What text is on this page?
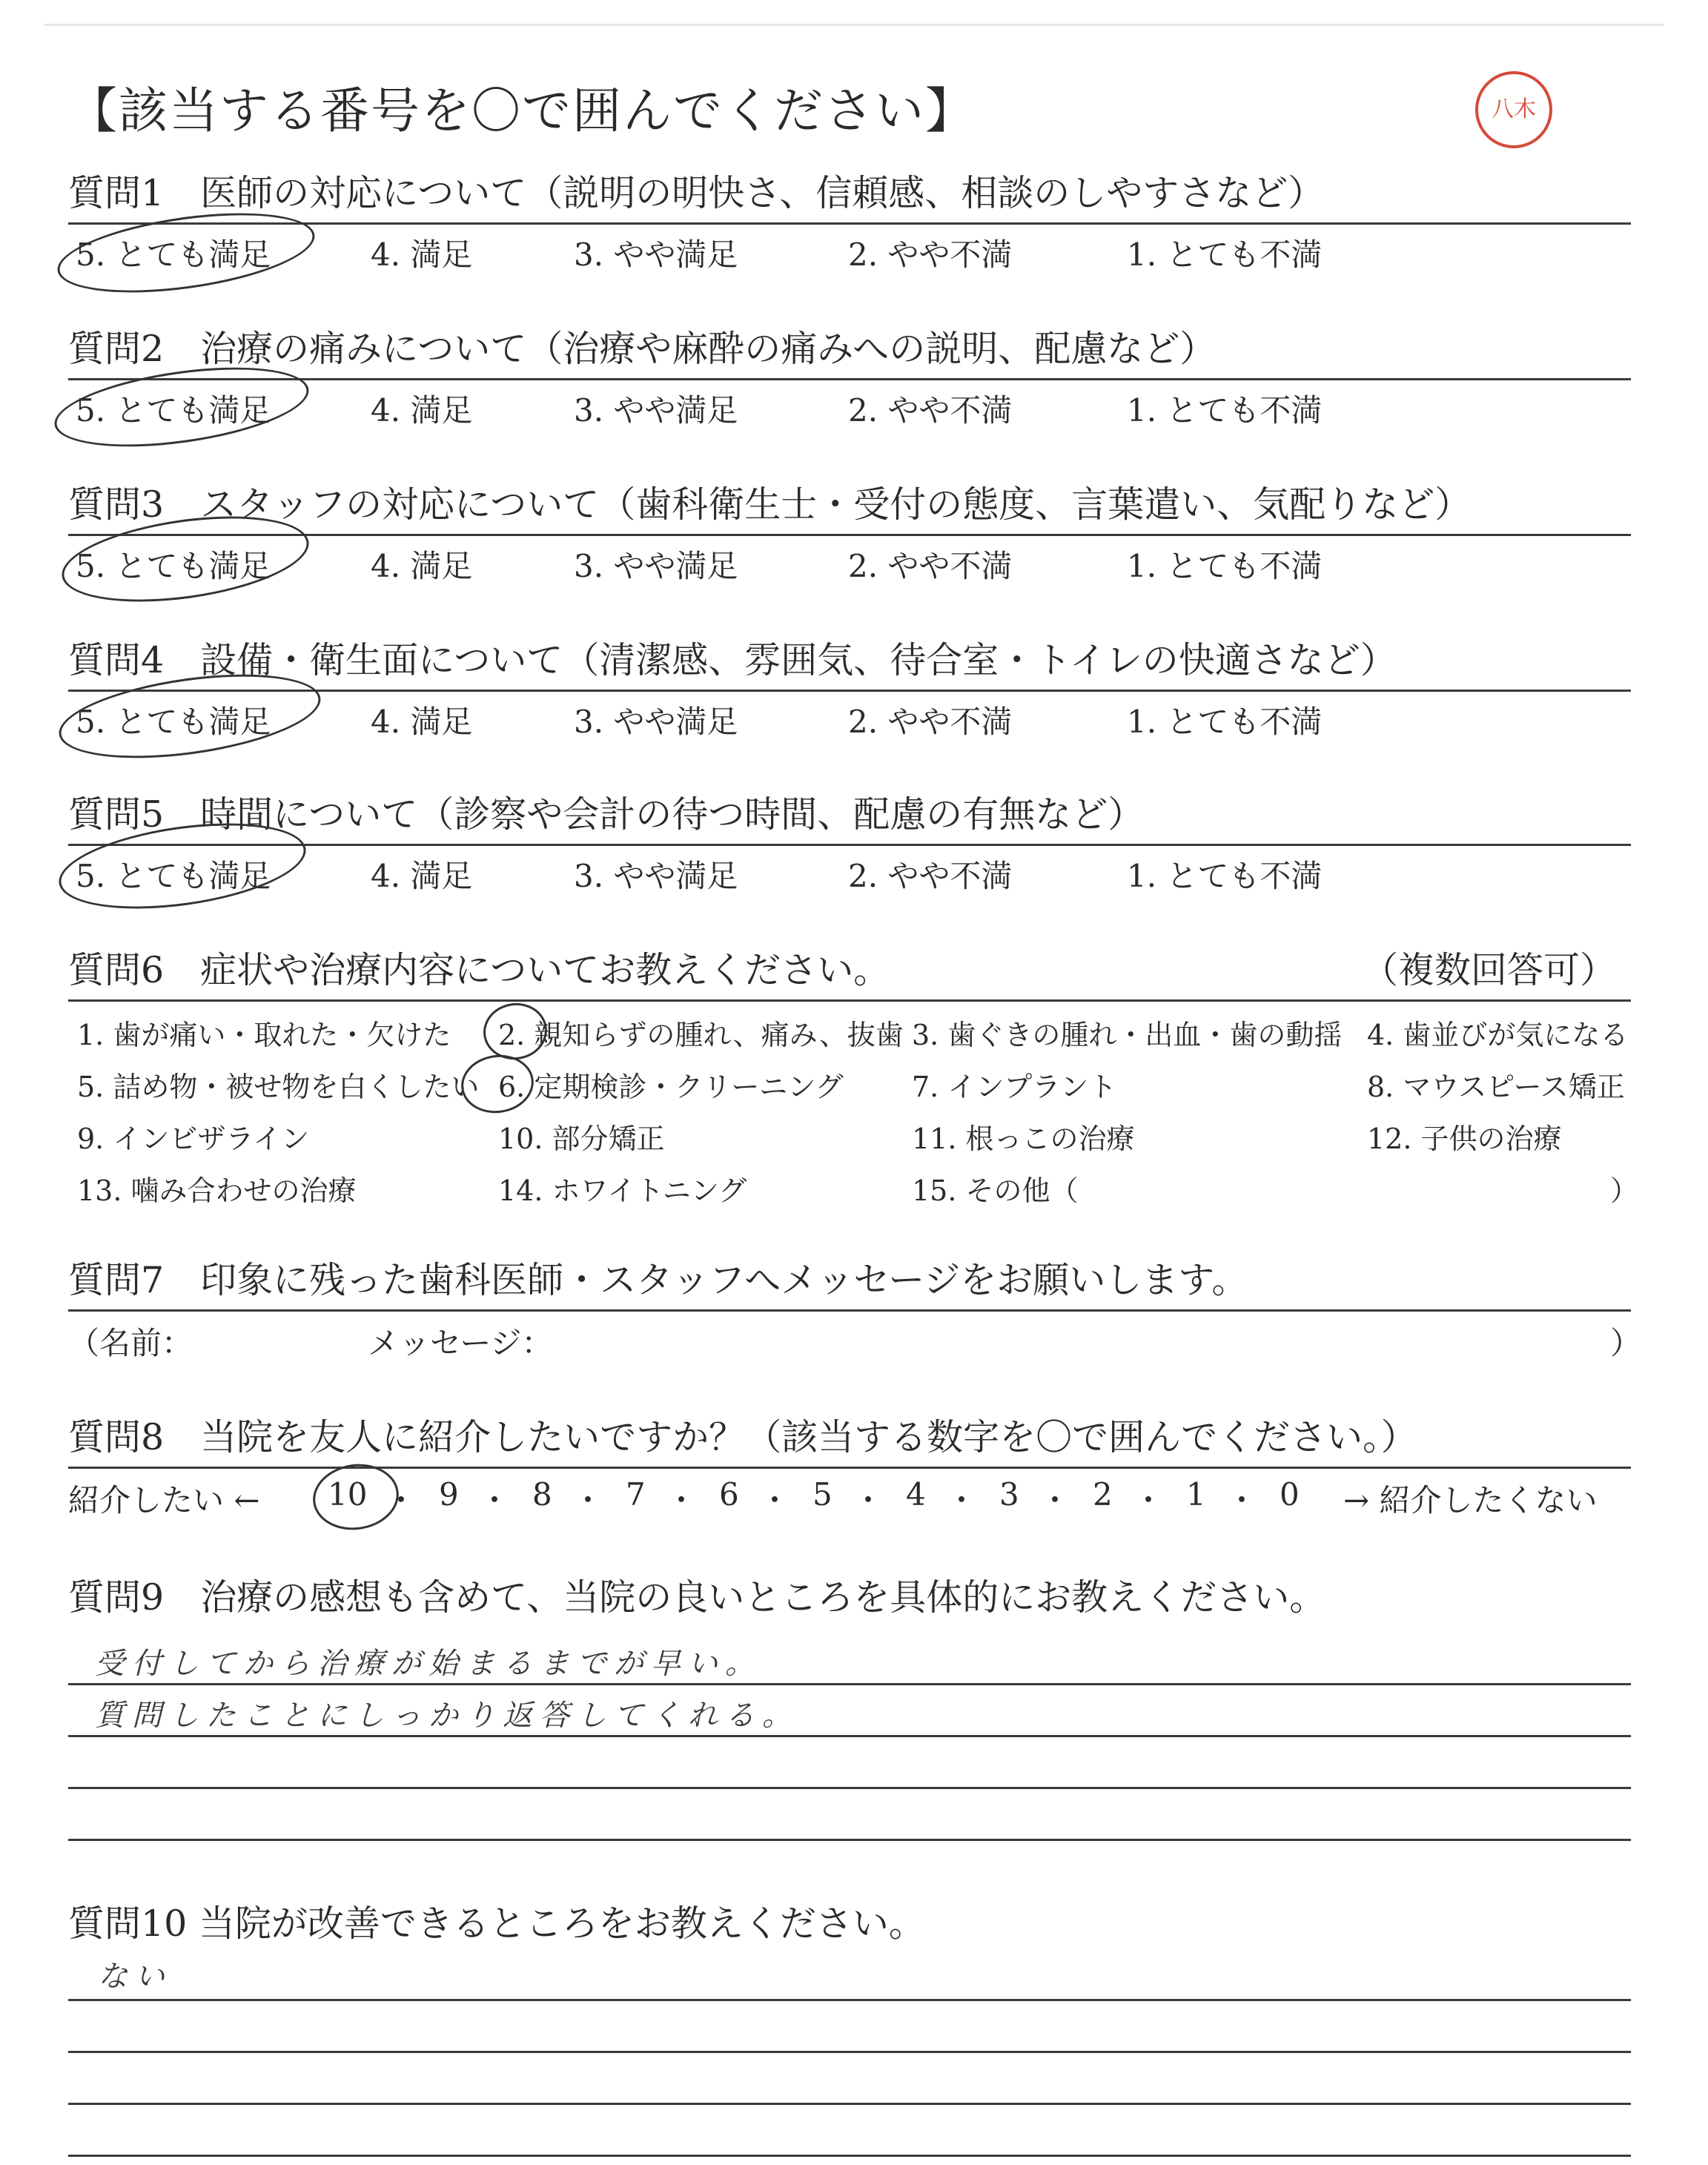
【該当する番号を〇で囲んでください】	八木
質問1　医師の対応について（説明の明快さ、信頼感、相談のしやすさなど）
5. とても満足	4. 満足	3. やや満足	2. やや不満	1. とても不満
質問2　治療の痛みについて（治療や麻酔の痛みへの説明、配慮など）
5. とても満足	4. 満足	3. やや満足	2. やや不満	1. とても不満
質問3　スタッフの対応について（歯科衛生士・受付の態度、言葉遣い、気配りなど）
5. とても満足	4. 満足	3. やや満足	2. やや不満	1. とても不満
質問4　設備・衛生面について（清潔感、雰囲気、待合室・トイレの快適さなど）
5. とても満足	4. 満足	3. やや満足	2. やや不満	1. とても不満
質問5　時間について（診察や会計の待つ時間、配慮の有無など）
5. とても満足	4. 満足	3. やや満足	2. やや不満	1. とても不満
質問6　症状や治療内容についてお教えください。	（複数回答可）
1. 歯が痛い・取れた・欠けた 2. 親知らずの腫れ、痛み、抜歯 3. 歯ぐきの腫れ・出血・歯の動揺 4. 歯並びが気になる
5. 詰め物・被せ物を白くしたい 6. 定期検診・クリーニング 7. インプラント	8. マウスピース矯正
9. インビザライン	10. 部分矯正	11. 根っこの治療	12. 子供の治療
13. 噛み合わせの治療	14. ホワイトニング	15. その他（	）
質問7　印象に残った歯科医師・スタッフへメッセージをお願いします。
（名前：	メッセージ：	）
質問8　当院を友人に紹介したいですか？（該当する数字を〇で囲んでください。）
紹介したい ← 10 ・ 9 ・ 8 ・ 7 ・ 6 ・ 5 ・ 4 ・ 3 ・ 2 ・ 1 ・ 0 → 紹介したくない
質問9　治療の感想も含めて、当院の良いところを具体的にお教えください。
受付してから治療が始まるまでが早い。
質問したことにしっかり返答してくれる。
質問10 当院が改善できるところをお教えください。
ない
